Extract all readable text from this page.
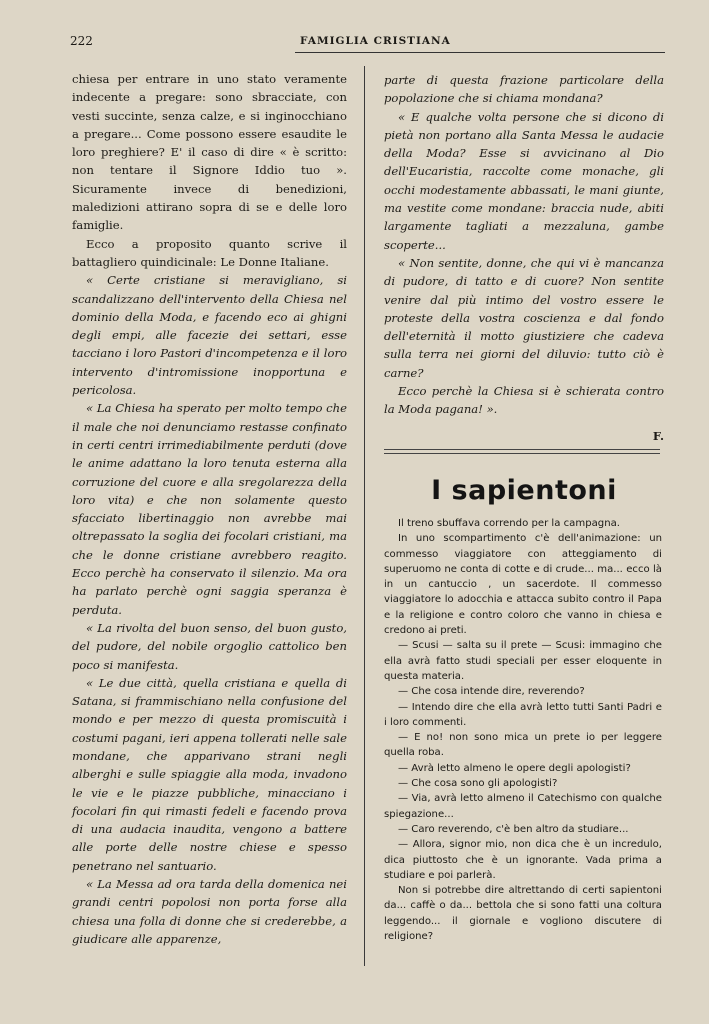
222	FAMIGLIA CRISTIANA

chiesa per entrare in uno stato veramente indecente a pregare: sono sbracciate, con vesti succinte, senza calze, e si inginocchiano a pregare... Come possono essere esaudite le loro preghiere? E' il caso di dire « è scritto: non tentare il Signore Iddio tuo ». Sicuramente invece di benedizioni, maledizioni attirano sopra di se e delle loro famiglie.

Ecco a proposito quanto scrive il battagliero quindicinale: Le Donne Italiane.

« Certe cristiane si meravigliano, si scandalizzano dell'intervento della Chiesa nel dominio della Moda, e facendo eco ai ghigni degli empi, alle facezie dei settari, esse tacciano i loro Pastori d'incompetenza e il loro intervento d'intromissione inopportuna e pericolosa.

« La Chiesa ha sperato per molto tempo che il male che noi denunciamo restasse confinato in certi centri irrimediabilmente perduti (dove le anime adattano la loro tenuta esterna alla corruzione del cuore e alla sregolarezza della loro vita) e che non solamente questo sfacciato libertinaggio non avrebbe mai oltrepassato la soglia dei focolari cristiani, ma che le donne cristiane avrebbero reagito. Ecco perchè ha conservato il silenzio. Ma ora ha parlato perchè ogni saggia speranza è perduta.

« La rivolta del buon senso, del buon gusto, del pudore, del nobile orgoglio cattolico ben poco si manifesta.

« Le due città, quella cristiana e quella di Satana, si frammischiano nella confusione del mondo e per mezzo di questa promiscuità i costumi pagani, ieri appena tollerati nelle sale mondane, che apparivano strani negli alberghi e sulle spiaggie alla moda, invadono le vie e le piazze pubbliche, minacciano i focolari fin qui rimasti fedeli e facendo prova di una audacia inaudita, vengono a battere alle porte delle nostre chiese e spesso penetrano nel santuario.

« La Messa ad ora tarda della domenica nei grandi centri popolosi non porta forse alla chiesa una folla di donne che si crederebbe, a giudicare alle apparenze,

parte di questa frazione particolare della popolazione che si chiama mondana?

« E qualche volta persone che si dicono di pietà non portano alla Santa Messa le audacie della Moda? Esse si avvicinano al Dio dell'Eucaristia, raccolte come monache, gli occhi modestamente abbassati, le mani giunte, ma vestite come mondane: braccia nude, abiti largamente tagliati a mezzaluna, gambe scoperte...

« Non sentite, donne, che qui vi è mancanza di pudore, di tatto e di cuore? Non sentite venire dal più intimo del vostro essere le proteste della vostra coscienza e dal fondo dell'eternità il motto giustiziere che cadeva sulla terra nei giorni del diluvio: tutto ciò è carne?

Ecco perchè la Chiesa si è schierata contro la Moda pagana! ».

F.

I sapientoni

Il treno sbuffava correndo per la campagna.

In uno scompartimento c'è dell'animazione: un commesso viaggiatore con atteggiamento di superuomo ne conta di cotte e di crude... ma... ecco là in un cantuccio , un sacerdote. Il commesso viaggiatore lo adocchia e attacca subito contro il Papa e la religione e contro coloro che vanno in chiesa e credono ai preti.

— Scusi — salta su il prete — Scusi: immagino che ella avrà fatto studi speciali per esser eloquente in questa materia.

— Che cosa intende dire, reverendo?

— Intendo dire che ella avrà letto tutti Santi Padri e i loro commenti.

— E no! non sono mica un prete io per leggere quella roba.

— Avrà letto almeno le opere degli apologisti?

— Che cosa sono gli apologisti?

— Via, avrà letto almeno il Catechismo con qualche spiegazione...

— Caro reverendo, c'è ben altro da studiare...

— Allora, signor mio, non dica che è un incredulo, dica piuttosto che è un ignorante. Vada prima a studiare e poi parlerà.

Non si potrebbe dire altrettando di certi sapientoni da... caffè o da... bettola che si sono fatti una coltura leggendo... il giornale e vogliono discutere di religione?
